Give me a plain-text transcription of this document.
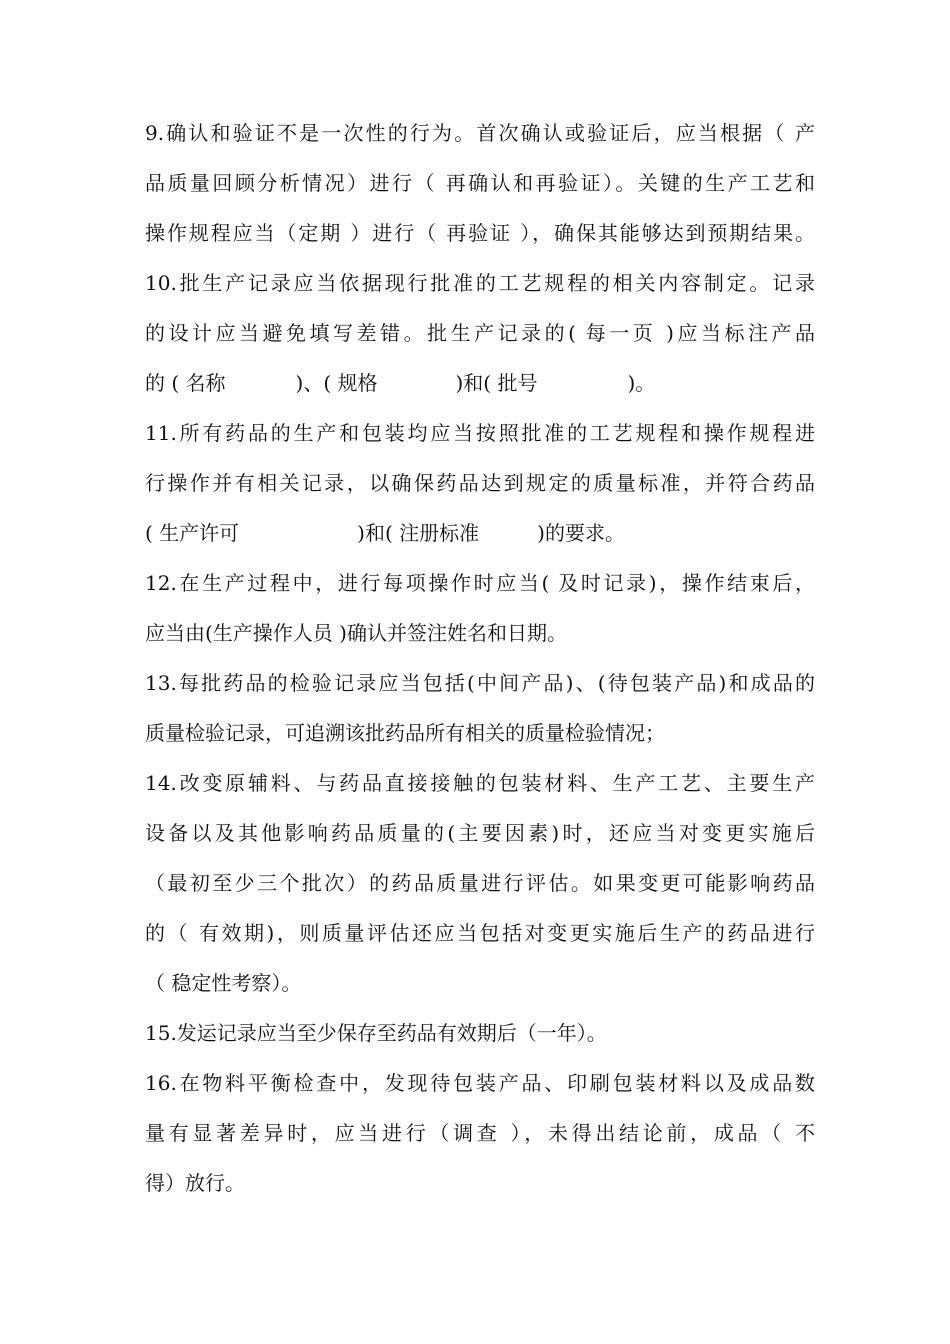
9.确认和验证不是一次性的行为。首次确认或验证后，应当根据（ 产
品质量回顾分析情况）进行（ 再确认和再验证）。关键的生产工艺和
操作规程应当（定期 ）进行（ 再验证 ），确保其能够达到预期结果。
10.批生产记录应当依据现行批准的工艺规程的相关内容制定。记录
的设计应当避免填写差错。批生产记录的( 每一页 )应当标注产品
的 ( 名称	)、( 规格	)和( 批号	)。
11.所有药品的生产和包装均应当按照批准的工艺规程和操作规程进
行操作并有相关记录，以确保药品达到规定的质量标准，并符合药品
( 生产许可	)和( 注册标准	)的要求。
12.在生产过程中，进行每项操作时应当( 及时记录)，操作结束后，
应当由(生产操作人员 )确认并签注姓名和日期。
13.每批药品的检验记录应当包括(中间产品)、(待包装产品)和成品的
质量检验记录，可追溯该批药品所有相关的质量检验情况；
14.改变原辅料、与药品直接接触的包装材料、生产工艺、主要生产
设备以及其他影响药品质量的(主要因素)时，还应当对变更实施后
（最初至少三个批次）的药品质量进行评估。如果变更可能影响药品
的（ 有效期)，则质量评估还应当包括对变更实施后生产的药品进行
（ 稳定性考察）。
15.发运记录应当至少保存至药品有效期后（一年）。
16.在物料平衡检查中，发现待包装产品、印刷包装材料以及成品数
量有显著差异时，应当进行（调查 ），未得出结论前，成品（ 不
得）放行。
